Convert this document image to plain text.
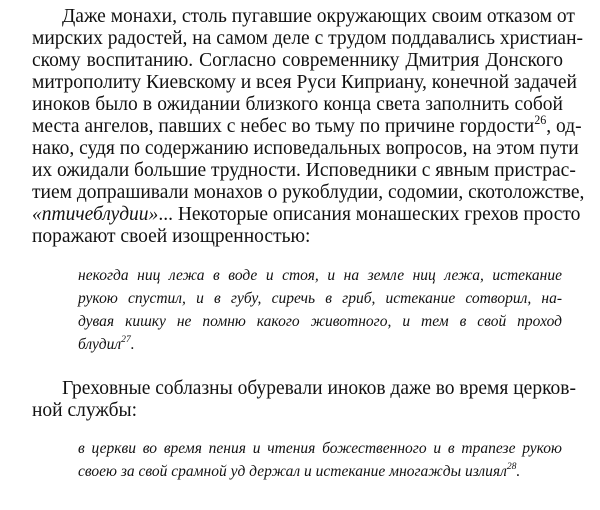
Даже монахи, столь пугавшие окружающих своим отказом от

мирских радостей, на самом деле с трудом поддавались христиан-

скому воспитанию. Согласно современнику Дмитрия Донского

митрополиту Киевскому и всея Руси Киприану, конечной задачей

иноков было в ожидании близкого конца света заполнить собой

места ангелов, павших с небес во тьму по причине гордости$^{26}$, од-

нако, судя по содержанию исповедальных вопросов, на этом пути

их ожидали большие трудности. Исповедники с явным пристрас-

тием допрашивали монахов о рукоблудии, содомии, скотоложстве,

«птичеблудии»... Некоторые описания монашеских грехов просто

поражают своей изощренностью:

некогда ниц лежа в воде и стоя, и на земле ниц лежа, истекание

рукою спустил, и в губу, сиречь в гриб, истекание сотворил, на-

дувая кишку не помню какого животного, и тем в свой проход

блудил$^{27}$.

Греховные соблазны обуревали иноков даже во время церков-

ной службы:

в церкви во время пения и чтения божественного и в трапезе рукою

своею за свой срамной уд держал и истекание многажды излиял$^{28}$.
